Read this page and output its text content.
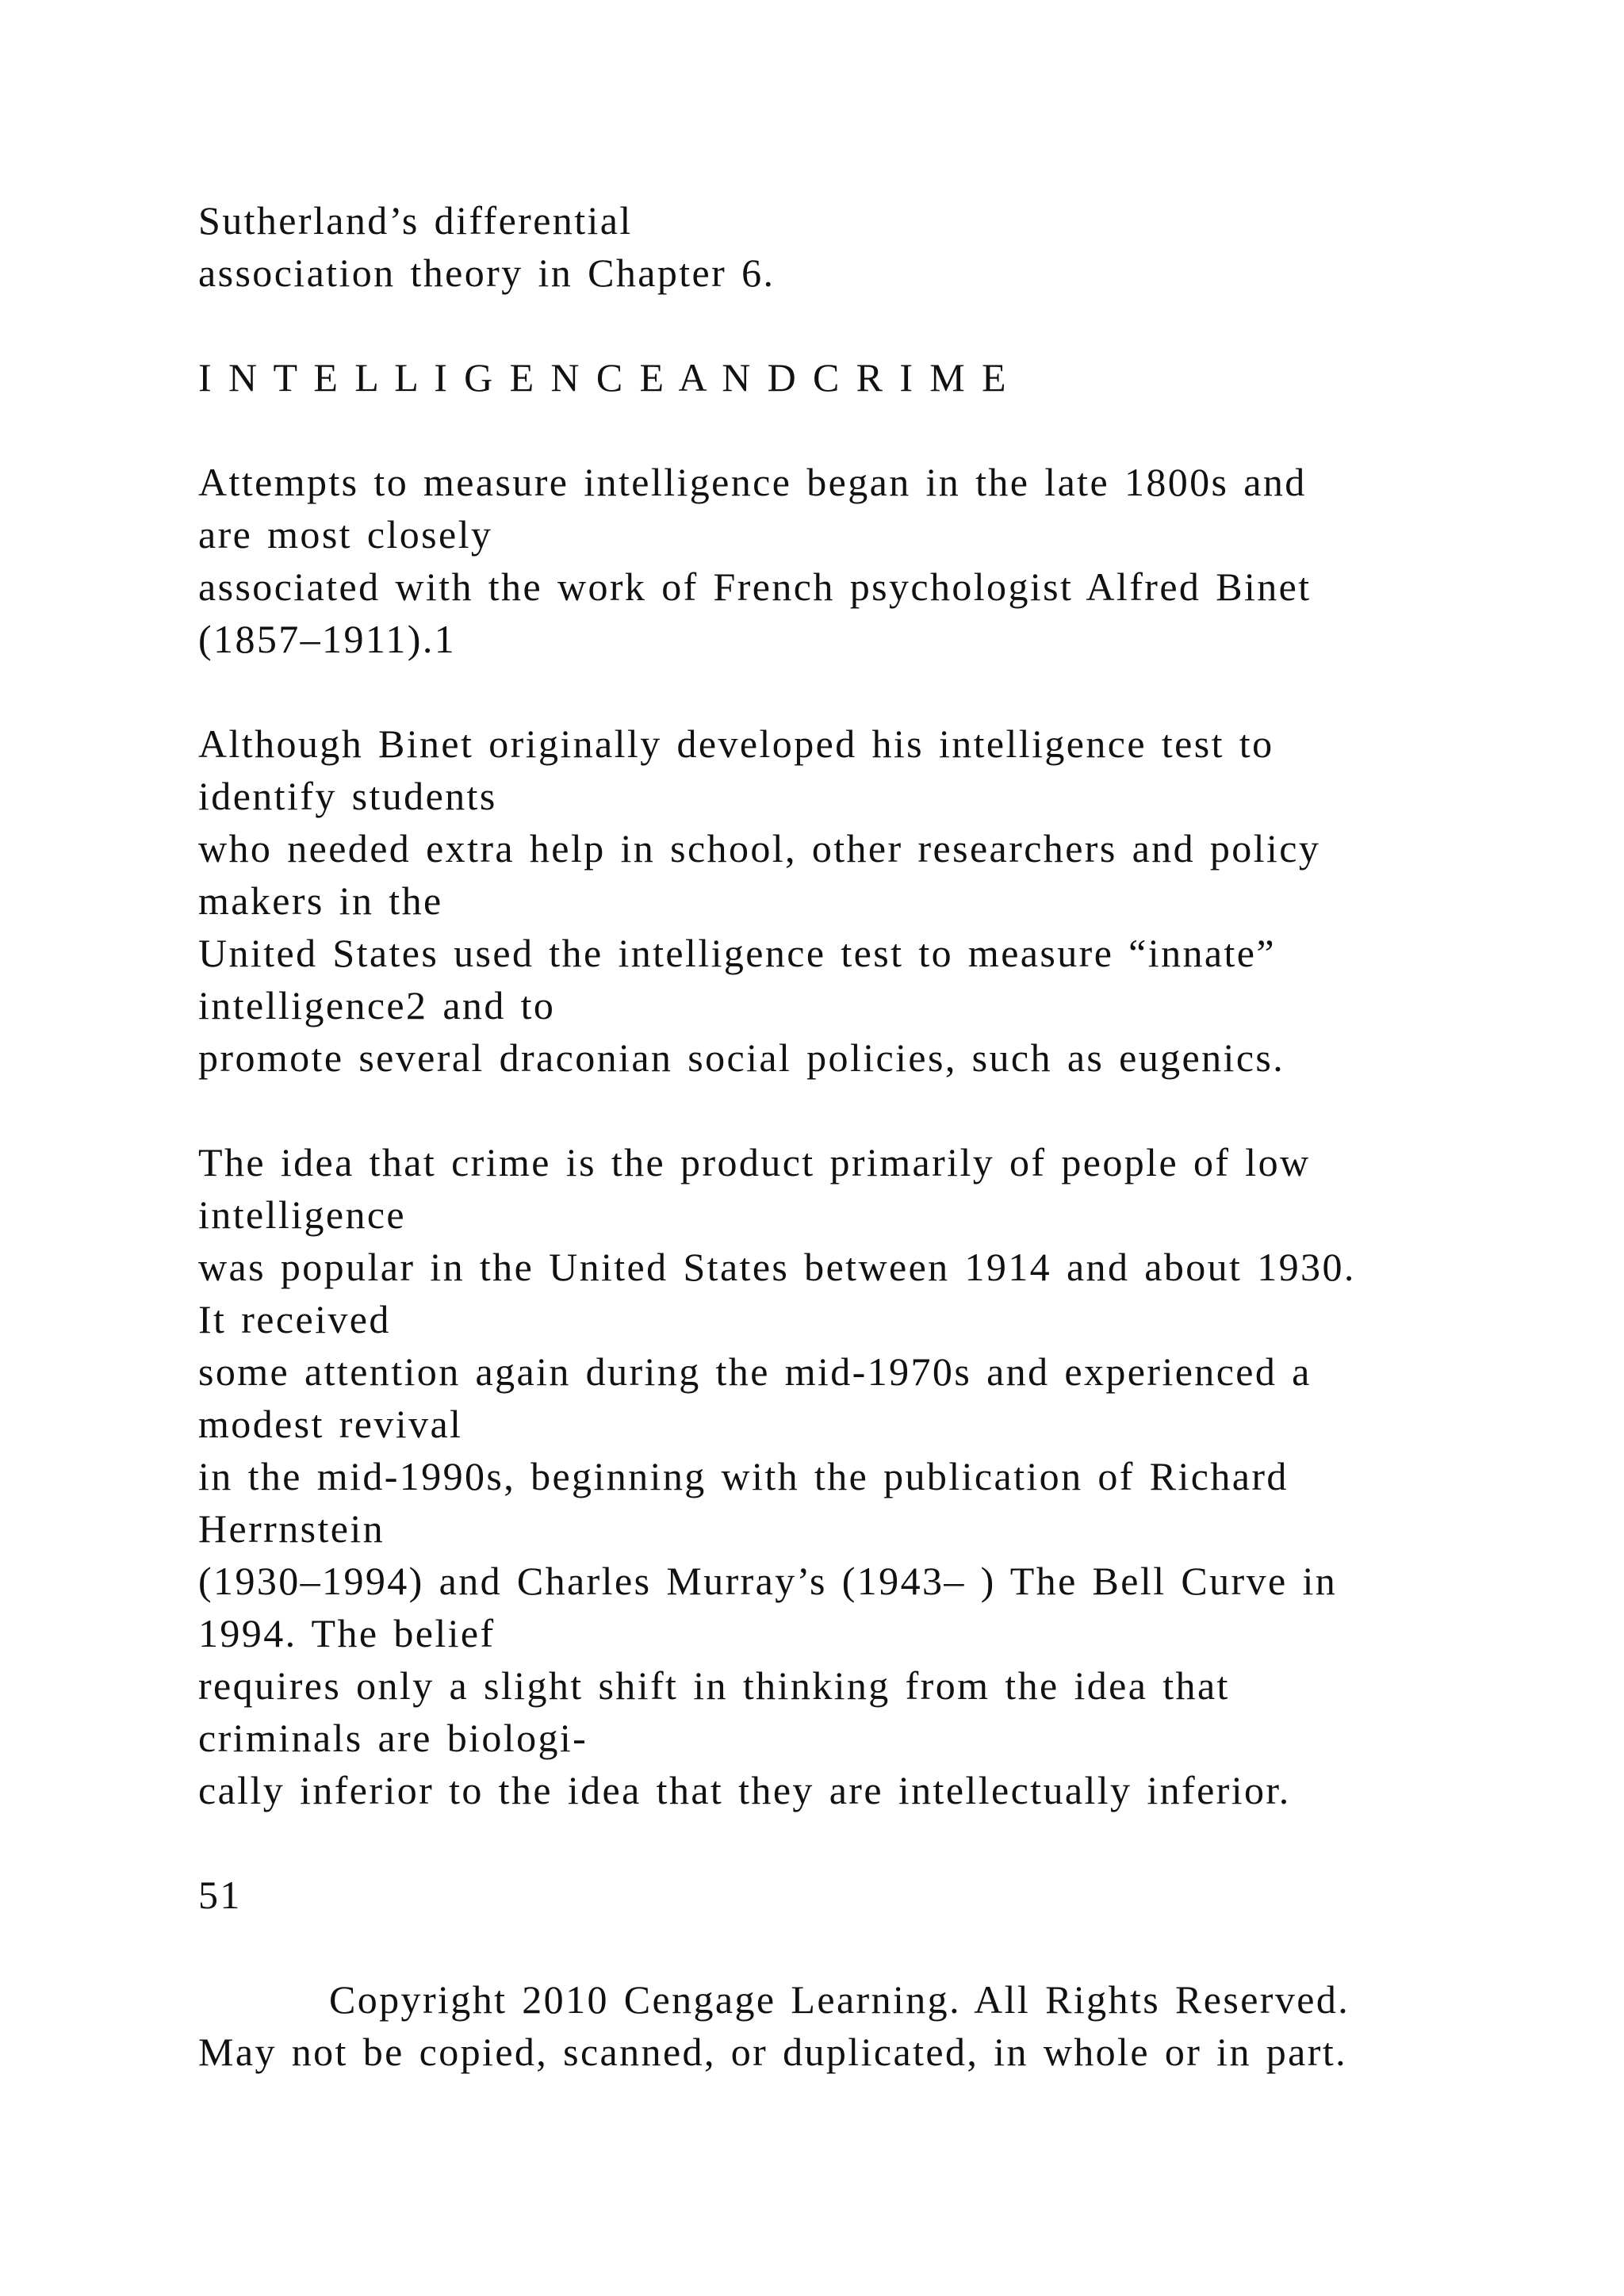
Sutherland’s differential
association theory in Chapter 6.
I N T E L L I G E N C E A N D C R I M E
Attempts to measure intelligence began in the late 1800s and
are most closely
associated with the work of French psychologist Alfred Binet
(1857–1911).1
Although Binet originally developed his intelligence test to
identify students
who needed extra help in school, other researchers and policy
makers in the
United States used the intelligence test to measure “innate”
intelligence2 and to
promote several draconian social policies, such as eugenics.
The idea that crime is the product primarily of people of low
intelligence
was popular in the United States between 1914 and about 1930.
It received
some attention again during the mid-1970s and experienced a
modest revival
in the mid-1990s, beginning with the publication of Richard
Herrnstein
(1930–1994) and Charles Murray’s (1943– ) The Bell Curve in
1994. The belief
requires only a slight shift in thinking from the idea that
criminals are biologi-
cally inferior to the idea that they are intellectually inferior.
51
Copyright 2010 Cengage Learning. All Rights Reserved.
May not be copied, scanned, or duplicated, in whole or in part.
